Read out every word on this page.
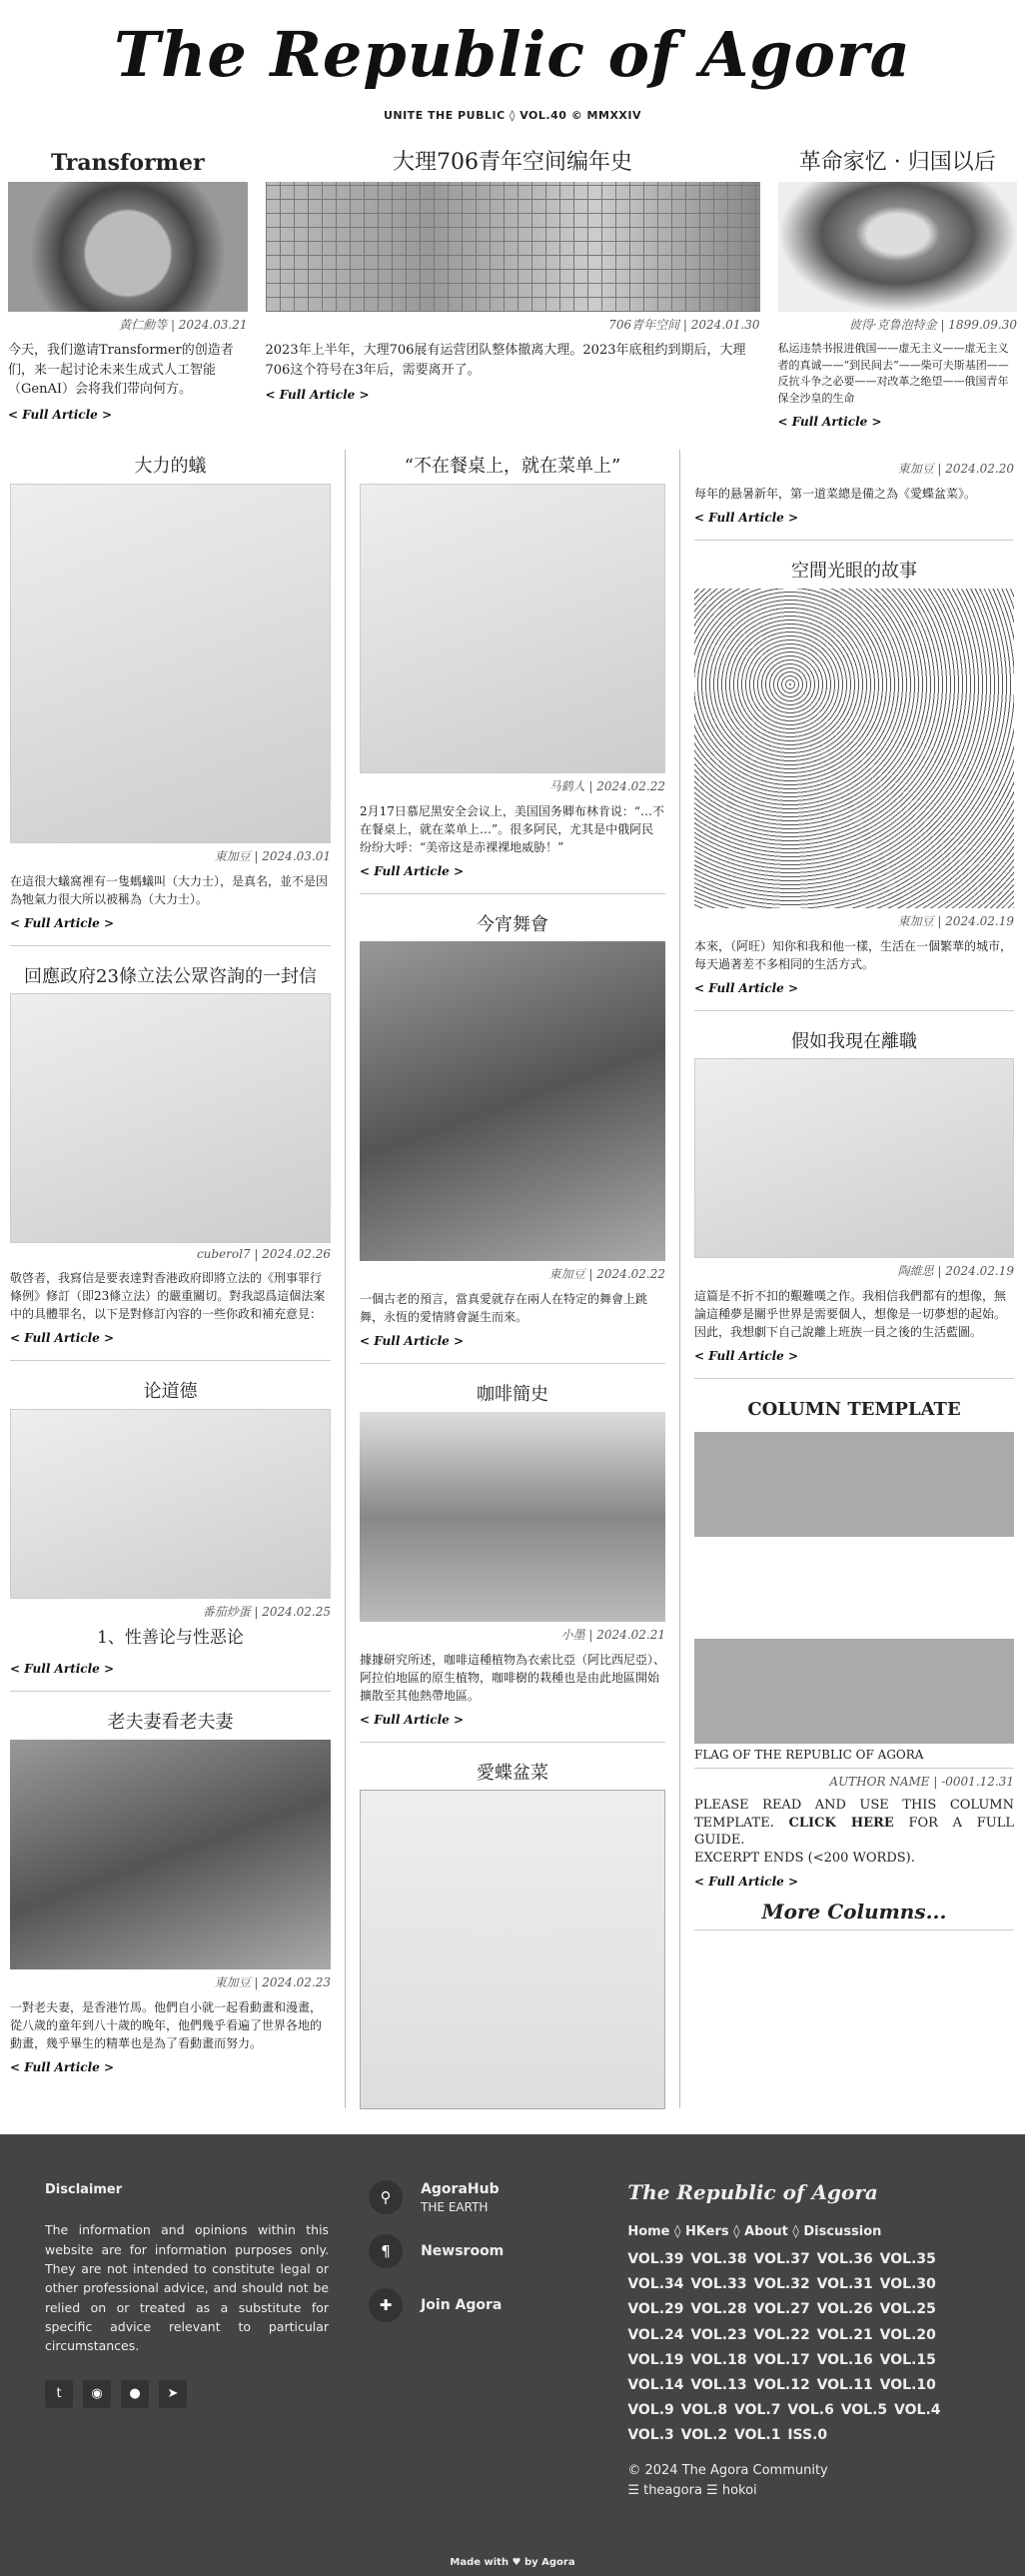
The Republic of Agora
UNITE THE PUBLIC ◊ VOL.40 © MMXXIV
Transformer
黃仁勳等 | 2024.03.21
今天，我们邀请Transformer的创造者们，来一起讨论未来生成式人工智能（GenAI）会将我们带向何方。
< Full Article >
大理706青年空间编年史
706青年空间 | 2024.01.30
2023年上半年，大理706展有运营团队整体撤离大理。2023年底租约到期后，大理706这个符号在3年后，需要离开了。
< Full Article >
革命家忆 · 归国以后
彼得·克鲁泡特金 | 1899.09.30
私运违禁书报进俄国——虚无主义——虚无主义者的真诚——“到民间去”——柴可夫斯基团——反抗斗争之必要——对改革之绝望——俄国青年保全沙皇的生命
< Full Article >
大力的蟻
東加豆 | 2024.03.01
在這很大蟻窩裡有一隻螞蟻叫（大力士），是真名，並不是因為牠氣力很大所以被稱為（大力士）。
< Full Article >
回應政府23條立法公眾咨詢的一封信
cuberol7 | 2024.02.26
敬啓者，我寫信是要表達對香港政府即將立法的《刑事罪行條例》修訂（即23條立法）的嚴重關切。對我認爲這個法案中的具體罪名，以下是對修訂內容的一些你政和補充意見：
< Full Article >
论道德
番茄炒蛋 | 2024.02.25
1、性善论与性恶论
< Full Article >
老夫妻看老夫妻
東加豆 | 2024.02.23
一對老夫妻，是香港竹馬。他們自小就一起看動畫和漫畫，從八歲的童年到八十歲的晚年，他們幾乎看遍了世界各地的動畫，幾乎畢生的精華也是為了看動畫而努力。
< Full Article >
“不在餐桌上，就在菜单上”
马鹤人 | 2024.02.22
2月17日慕尼黑安全会议上，美国国务卿布林肯说：“…不在餐桌上，就在菜单上…”。很多阿民，尤其是中俄阿民纷纷大呼：“美帝这是赤裸裸地威胁！”
< Full Article >
今宵舞會
東加豆 | 2024.02.22
一個古老的預言，當真愛就存在兩人在特定的舞會上跳舞，永恆的愛情將會誕生而來。
< Full Article >
咖啡簡史
小墨 | 2024.02.21
據據研究所述，咖啡這種植物為衣索比亞（阿比西尼亞）、阿拉伯地區的原生植物，咖啡樹的栽種也是由此地區開始擴散至其他熱帶地區。
< Full Article >
愛蝶盆菜
東加豆 | 2024.02.20
每年的悬暑新年，第一道菜總是備之為《愛蝶盆菜》。
< Full Article >
空間光眼的故事
東加豆 | 2024.02.19
本來，（阿旺）知你和我和他一樣，生活在一個繁華的城市，每天過著差不多相同的生活方式。
< Full Article >
假如我現在離職
陶維思 | 2024.02.19
這篇是不折不扣的艱難嘆之作。我相信我們都有的想像，無論這種夢是關乎世界是需要個人，想像是一切夢想的起始。因此，我想劇下自己說離上班族一員之後的生活藍圖。
< Full Article >
COLUMN TEMPLATE
FLAG OF THE REPUBLIC OF AGORA
AUTHOR NAME | -0001.12.31
PLEASE READ AND USE THIS COLUMN TEMPLATE. CLICK HERE FOR A FULL GUIDE.
EXCERPT ENDS (<200 WORDS).
< Full Article >
More Columns...
Disclaimer

The information and opinions within this website are for information purposes only. They are not intended to constitute legal or other professional advice, and should not be relied on or treated as a substitute for specific advice relevant to particular circumstances.

t	◉	●	➤
⚲	AgoraHub
THE EARTH
¶	Newsroom
✚	Join Agora
The Republic of Agora
Home ◊ HKers ◊ About ◊ Discussion
VOL.39 VOL.38 VOL.37 VOL.36 VOL.35 VOL.34 VOL.33 VOL.32 VOL.31 VOL.30 VOL.29 VOL.28 VOL.27 VOL.26 VOL.25 VOL.24 VOL.23 VOL.22 VOL.21 VOL.20 VOL.19 VOL.18 VOL.17 VOL.16 VOL.15 VOL.14 VOL.13 VOL.12 VOL.11 VOL.10 VOL.9 VOL.8 VOL.7 VOL.6 VOL.5 VOL.4 VOL.3 VOL.2 VOL.1 ISS.0
© 2024 The Agora Community
☰ theagora ☰ hokoi
Made with ♥ by Agora
